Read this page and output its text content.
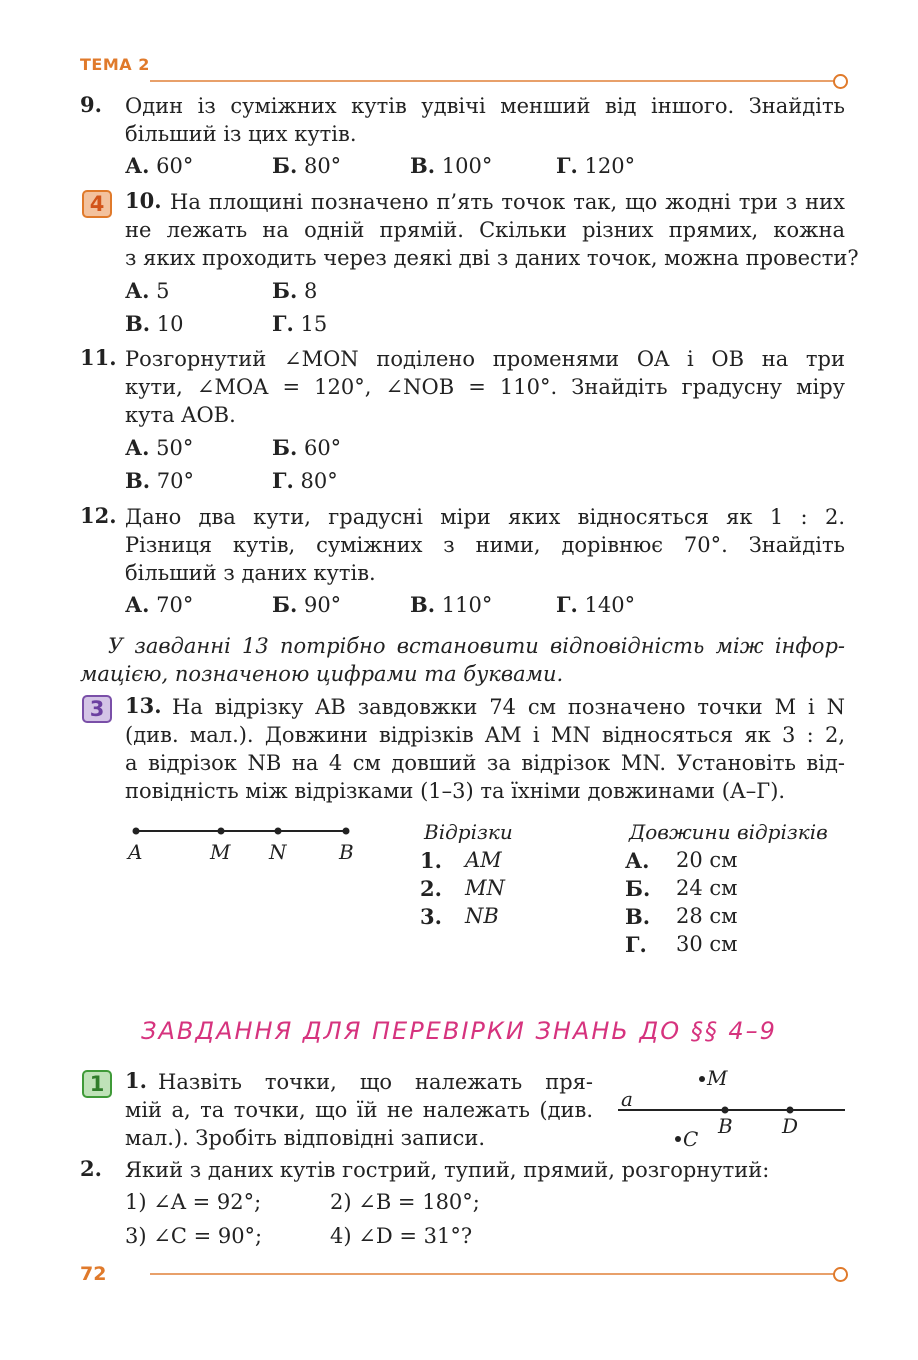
ТЕМА 2
9. Один із суміжних кутів удвічі менший від іншого. Знайдіть
більший із цих кутів.
А. 60°	Б. 80°	В. 100°	Г. 120°
4 10. На площині позначено п’ять точок так, що жодні три з них
не лежать на одній прямій. Скільки різних прямих, кожна
з яких проходить через деякі дві з даних точок, можна провести?
А. 5	Б. 8
В. 10	Г. 15
11. Розгорнутий ∠MON поділено променями OA і OB на три
кути, ∠MOA = 120°, ∠NOB = 110°. Знайдіть градусну міру
кута AOB.
А. 50°	Б. 60°
В. 70°	Г. 80°
12. Дано два кути, градусні міри яких відносяться як 1 : 2.
Різниця кутів, суміжних з ними, дорівнює 70°. Знайдіть
більший з даних кутів.
А. 70°	Б. 90°	В. 110°	Г. 140°
У завданні 13 потрібно встановити відповідність між інфор-
мацією, позначеною цифрами та буквами.
3 13. На відрізку AB завдовжки 74 см позначено точки M і N
(див. мал.). Довжини відрізків AM і MN відносяться як 3 : 2,
а відрізок NB на 4 см довший за відрізок MN. Установіть від-
повідність між відрізками (1–3) та їхніми довжинами (А–Г).
A	M N	B
Відрізки
1. AM
2. MN
3. NB
Довжини відрізків
А. 20 см
Б. 24 см
В. 28 см
Г. 30 см
ЗАВДАННЯ ДЛЯ ПЕРЕВІРКИ ЗНАНЬ ДО §§ 4–9
1 1. Назвіть точки, що належать пря-
мій a, та точки, що їй не належать (див.
мал.). Зробіть відповідні записи.
a
M
B D
C
2. Який з даних кутів гострий, тупий, прямий, розгорнутий:
1) ∠A = 92°;	2) ∠B = 180°;
3) ∠C = 90°;	4) ∠D = 31°?
72
